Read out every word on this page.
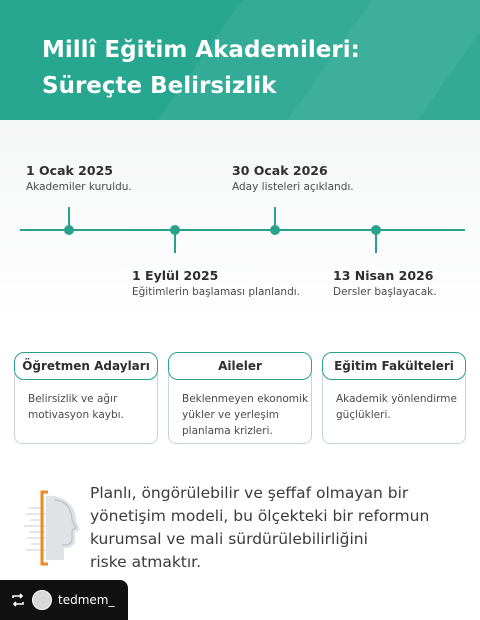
Millî Eğitim Akademileri:
Süreçte Belirsizlik
1 Ocak 2025
Akademiler kuruldu.
30 Ocak 2026
Aday listeleri açıklandı.
1 Eylül 2025
Eğitimlerin başlaması planlandı.
13 Nisan 2026
Dersler başlayacak.
Öğretmen Adayları
Belirsizlik ve ağır
motivasyon kaybı.
Aileler
Beklenmeyen ekonomik
yükler ve yerleşim
planlama krizleri.
Eğitim Fakülteleri
Akademik yönlendirme
güçlükleri.
Planlı, öngörülebilir ve şeffaf olmayan bir
yönetişim modeli, bu ölçekteki bir reformun
kurumsal ve mali sürdürülebilirliğini
riske atmaktır.
tedmem_
